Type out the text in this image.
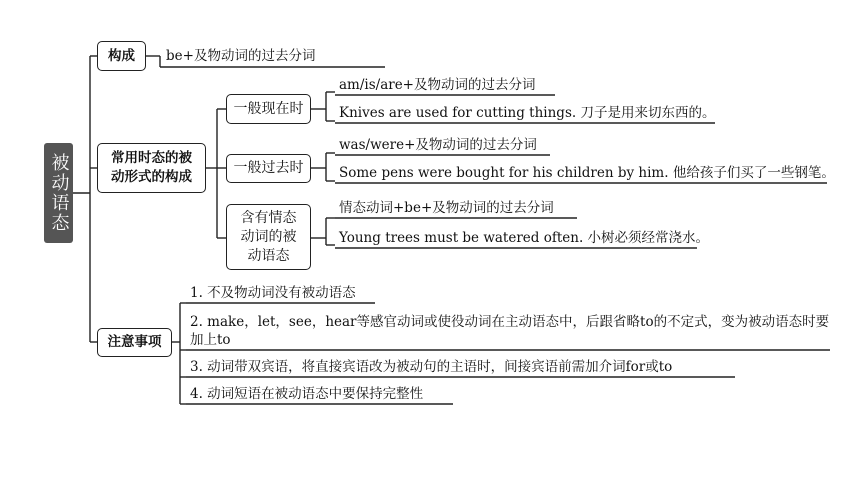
被动语态
构成 be+及物动词的过去分词
常用时态的被
动形式的构成
注意事项
一般现在时
一般过去时
含有情态
动词的被
动语态
am/is/are+及物动词的过去分词
Knives are used for cutting things. 刀子是用来切东西的。
was/were+及物动词的过去分词
Some pens were bought for his children by him. 他给孩子们买了一些钢笔。
情态动词+be+及物动词的过去分词
Young trees must be watered often. 小树必须经常浇水。
1. 不及物动词没有被动语态
2. make，let，see，hear等感官动词或使役动词在主动语态中，后跟省略to的不定式，变为被动语态时要加上to
3. 动词带双宾语，将直接宾语改为被动句的主语时，间接宾语前需加介词for或to
4. 动词短语在被动语态中要保持完整性
